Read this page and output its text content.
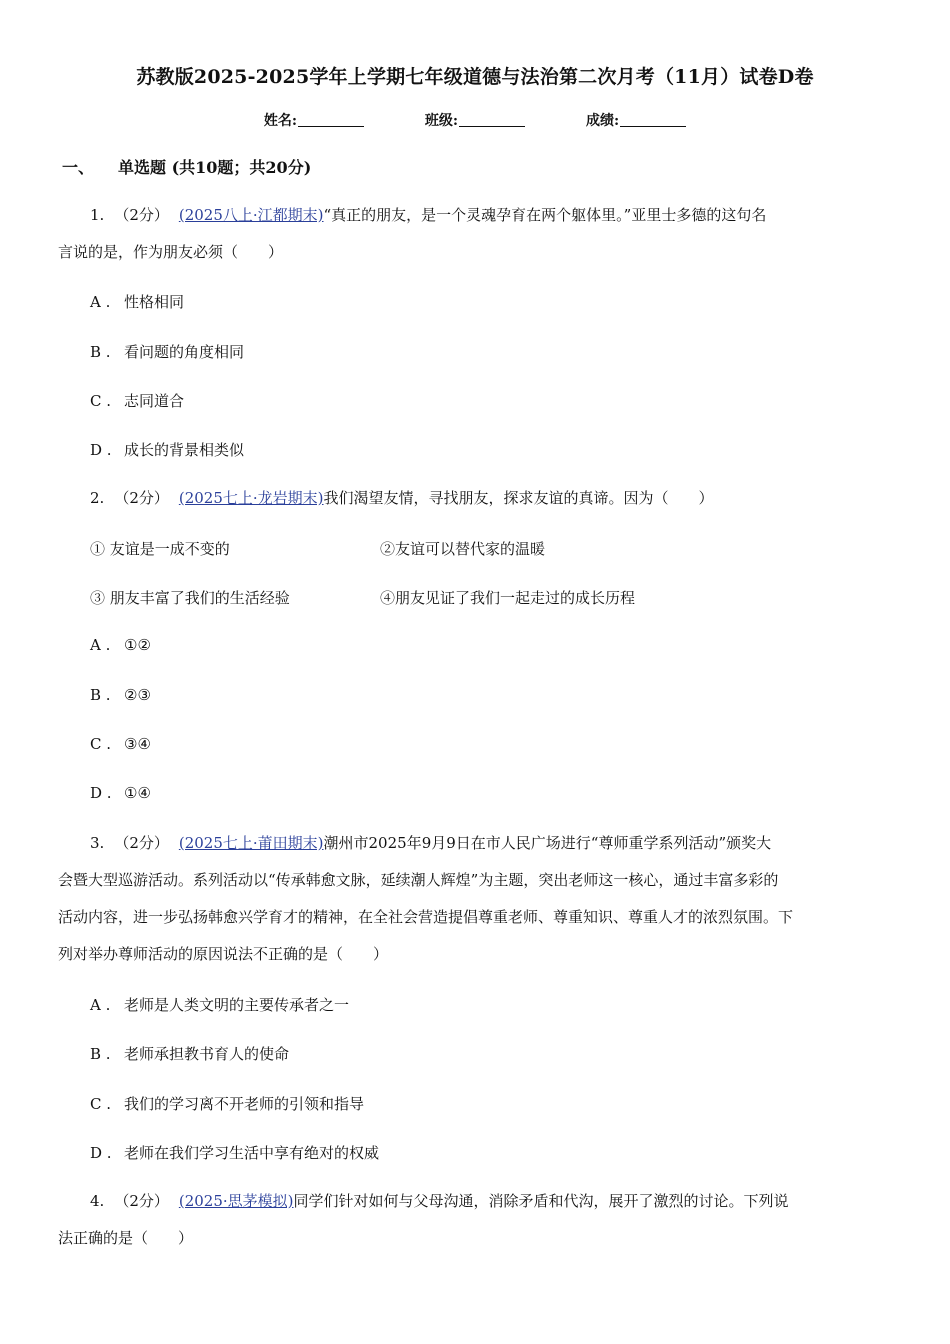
苏教版2025-2025学年上学期七年级道德与法治第二次月考（11月）试卷D卷
姓名:	班级:	成绩:
一、 单选题 (共10题；共20分)
1. （2分） (2025八上·江都期末)“真正的朋友，是一个灵魂孕育在两个躯体里。”亚里士多德的这句名
言说的是，作为朋友必须（　　）
A . 性格相同
B . 看问题的角度相同
C . 志同道合
D . 成长的背景相类似
2. （2分） (2025七上·龙岩期末)我们渴望友情，寻找朋友，探求友谊的真谛。因为（　　）
① 友谊是一成不变的	②友谊可以替代家的温暖
③ 朋友丰富了我们的生活经验	④朋友见证了我们一起走过的成长历程
A . ①②
B . ②③
C . ③④
D . ①④
3. （2分） (2025七上·莆田期末)潮州市2025年9月9日在市人民广场进行“尊师重学系列活动”颁奖大
会暨大型巡游活动。系列活动以“传承韩愈文脉，延续潮人辉煌”为主题，突出老师这一核心，通过丰富多彩的
活动内容，进一步弘扬韩愈兴学育才的精神，在全社会营造提倡尊重老师、尊重知识、尊重人才的浓烈氛围。下
列对举办尊师活动的原因说法不正确的是（　　）
A . 老师是人类文明的主要传承者之一
B . 老师承担教书育人的使命
C . 我们的学习离不开老师的引领和指导
D . 老师在我们学习生活中享有绝对的权威
4. （2分） (2025·思茅模拟)同学们针对如何与父母沟通，消除矛盾和代沟，展开了激烈的讨论。下列说
法正确的是（　　）
